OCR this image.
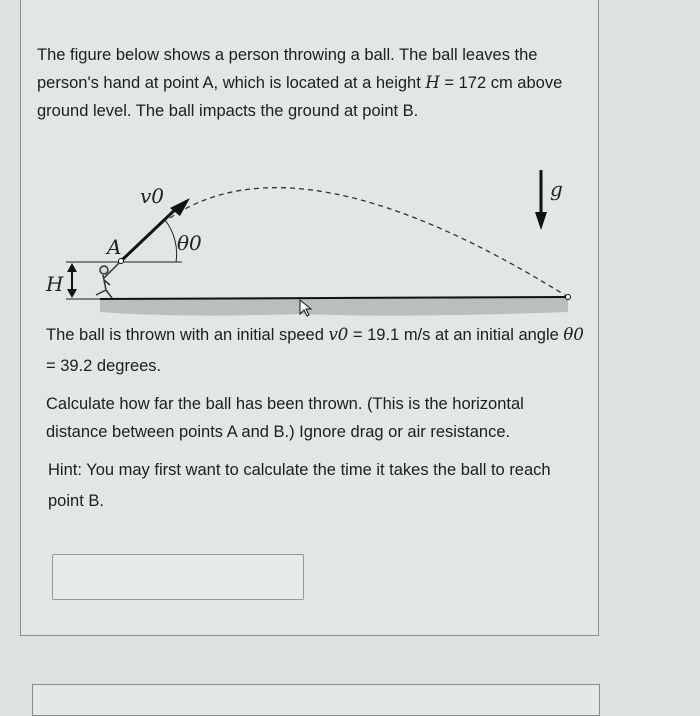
The figure below shows a person throwing a ball. The ball leaves the person's hand at point A, which is located at a height H = 172 cm above ground level. The ball impacts the ground at point B.
v0
θ0
A
H
g
The ball is thrown with an initial speed v0 = 19.1 m/s at an initial angle θ0 = 39.2 degrees.
Calculate how far the ball has been thrown. (This is the horizontal distance between points A and B.) Ignore drag or air resistance.
Hint: You may first want to calculate the time it takes the ball to reach point B.
